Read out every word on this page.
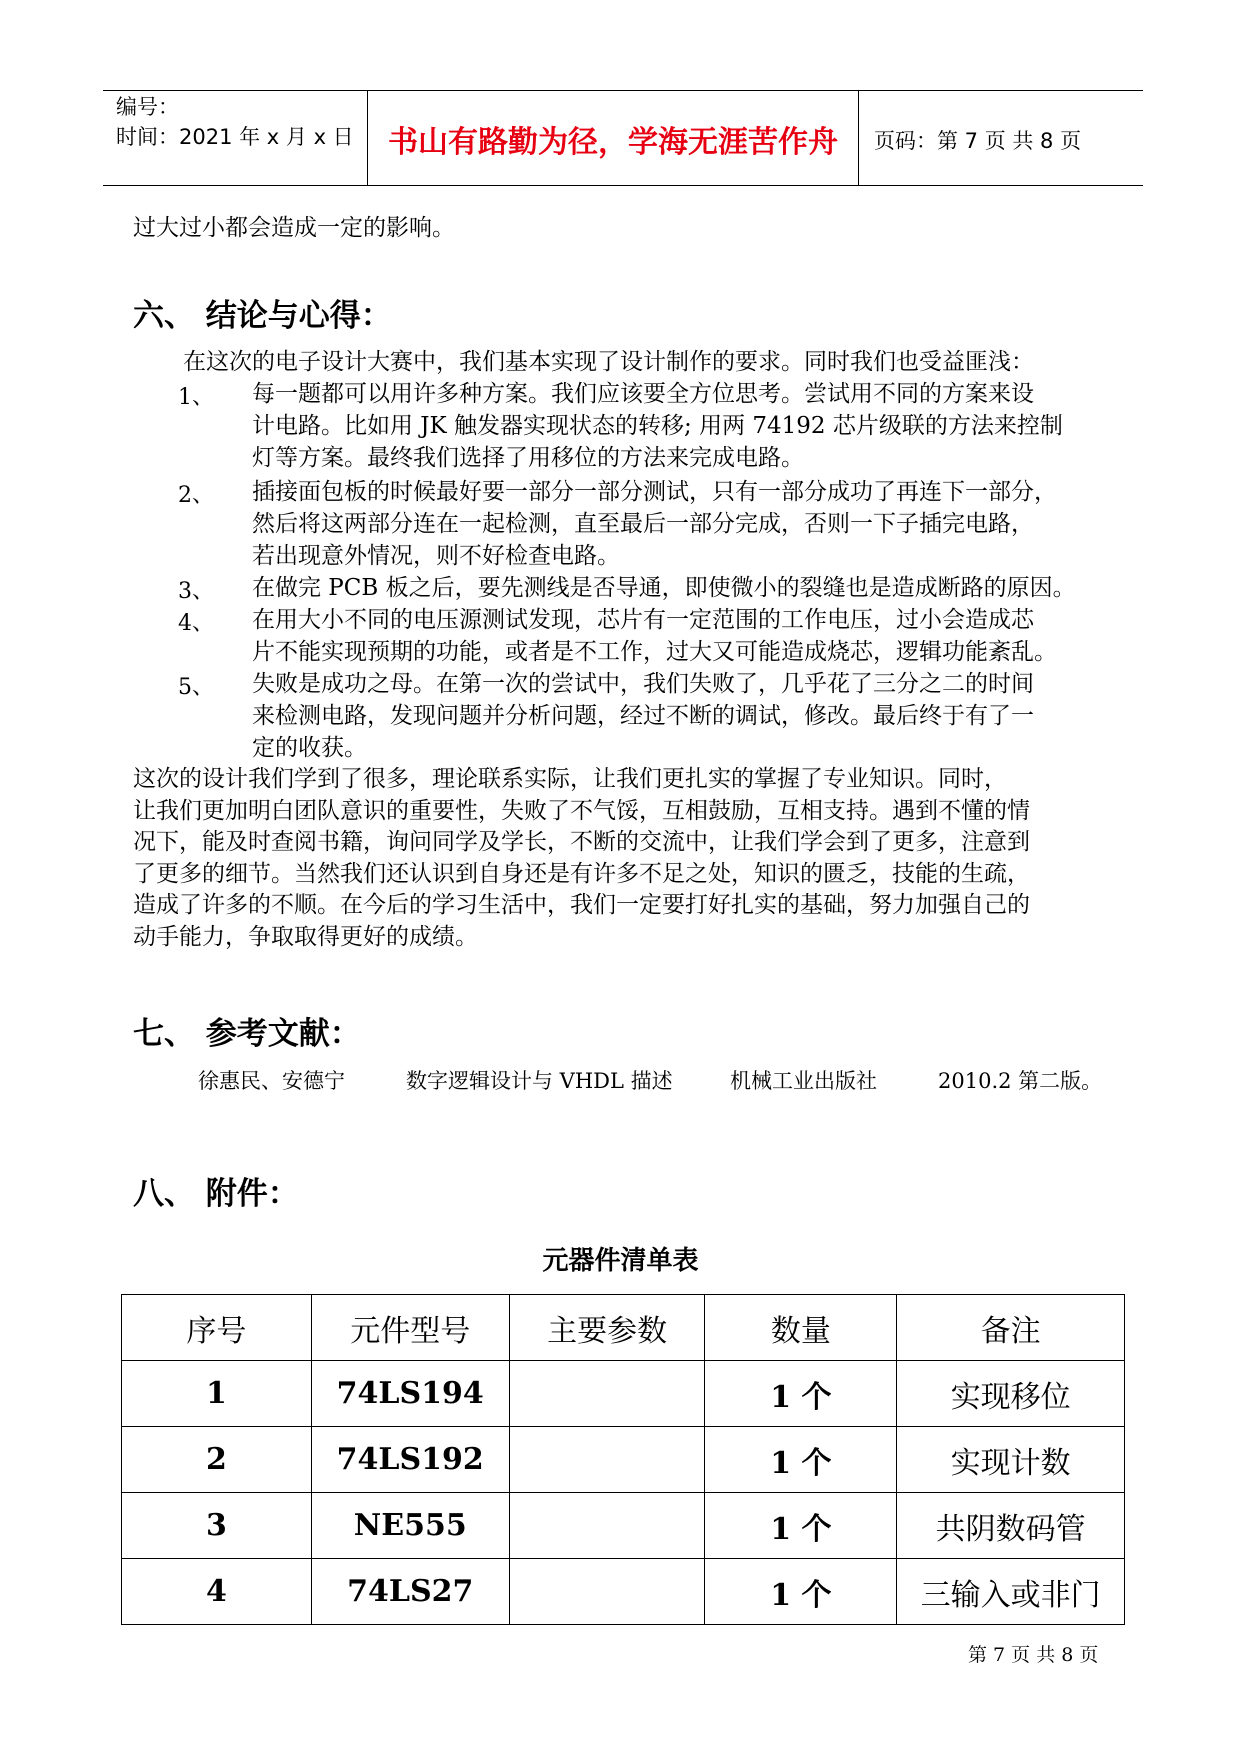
编号：
时间：2021 年 x 月 x 日	书山有路勤为径，学海无涯苦作舟	页码：第 7 页 共 8 页
过大过小都会造成一定的影响。
六、 结论与心得：
在这次的电子设计大赛中，我们基本实现了设计制作的要求。同时我们也受益匪浅：
1、 每一题都可以用许多种方案。我们应该要全方位思考。尝试用不同的方案来设
计电路。比如用 JK 触发器实现状态的转移; 用两 74192 芯片级联的方法来控制
灯等方案。最终我们选择了用移位的方法来完成电路。
2、 插接面包板的时候最好要一部分一部分测试，只有一部分成功了再连下一部分，
然后将这两部分连在一起检测，直至最后一部分完成，否则一下子插完电路，
若出现意外情况，则不好检查电路。
3、 在做完 PCB 板之后，要先测线是否导通，即使微小的裂缝也是造成断路的原因。
4、 在用大小不同的电压源测试发现，芯片有一定范围的工作电压，过小会造成芯
片不能实现预期的功能，或者是不工作，过大又可能造成烧芯，逻辑功能紊乱。
5、 失败是成功之母。在第一次的尝试中，我们失败了，几乎花了三分之二的时间
来检测电路，发现问题并分析问题，经过不断的调试，修改。最后终于有了一
定的收获。
这次的设计我们学到了很多，理论联系实际，让我们更扎实的掌握了专业知识。同时，
让我们更加明白团队意识的重要性，失败了不气馁，互相鼓励，互相支持。遇到不懂的情
况下，能及时查阅书籍，询问同学及学长，不断的交流中，让我们学会到了更多，注意到
了更多的细节。当然我们还认识到自身还是有许多不足之处，知识的匮乏，技能的生疏，
造成了许多的不顺。在今后的学习生活中，我们一定要打好扎实的基础，努力加强自己的
动手能力，争取取得更好的成绩。
七、 参考文献：
徐惠民、安德宁	数字逻辑设计与 VHDL 描述	机械工业出版社	2010.2 第二版。
八、 附件：
元器件清单表
序号	元件型号	主要参数	数量	备注
1	74LS194		1 个	实现移位
2	74LS192		1 个	实现计数
3	NE555		1 个	共阴数码管
4	74LS27		1 个	三输入或非门
第 7 页 共 8 页
